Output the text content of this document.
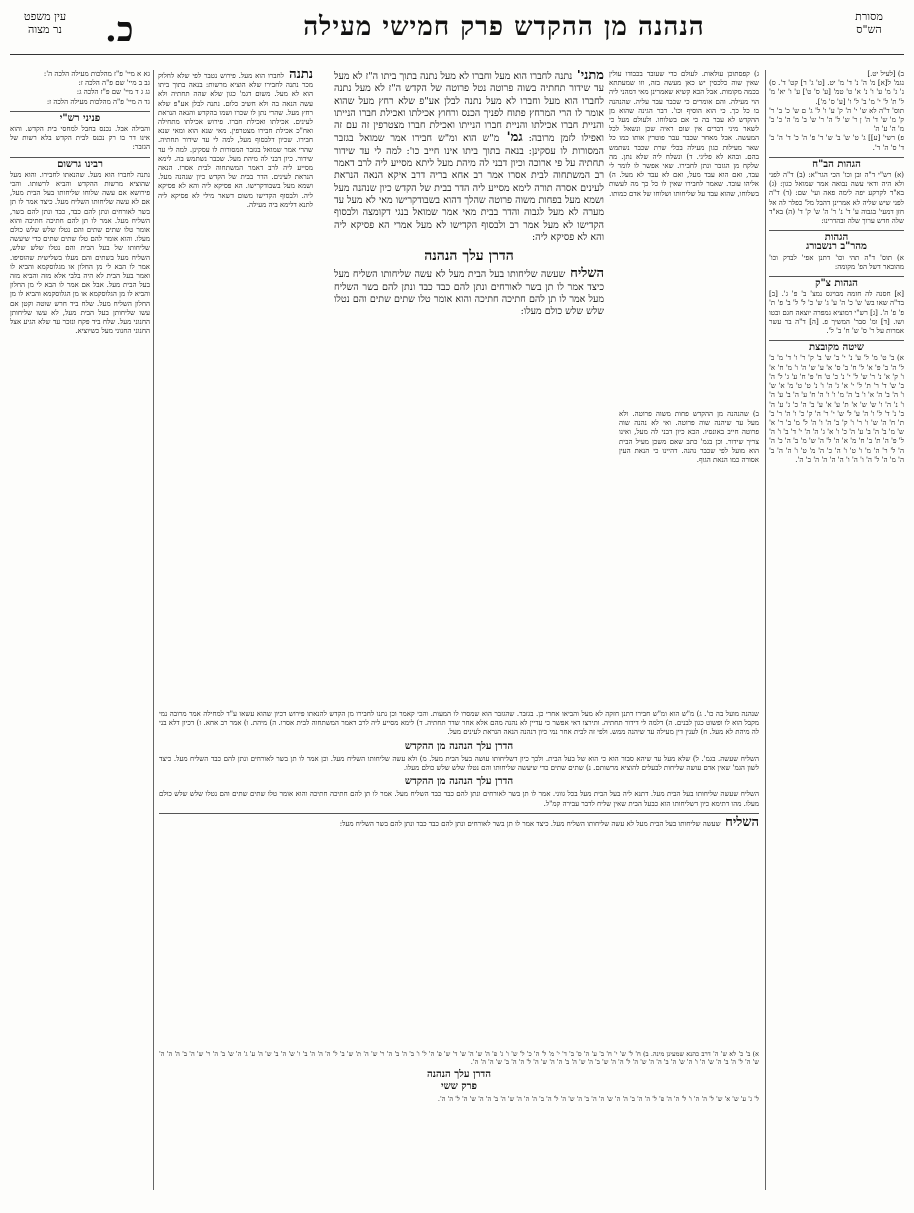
מסורת
הש"ס
הנהנה מן ההקדש פרק חמישי מעילה
כ.
עין משפט
נר מצוה
ב) [לעיל יט.]
נגמ' ל[א] מ' ה' נ' ד' מ' יט. [ט' ג' ר] קט' ד'. ס) נ' ג' מ' ע' ו' נ' א' ט' טמ' [ע' ס' ט'] ע' ו' יא' מ' ל' ת' ל' י' מ' ב' ל' ו' [ע' ס' מ'].
תוס' ד"ה לא ש' י' ה' ק' ע' ו' ל' ג' ם ש' כ' ב' ר' ק' מ' ש' ד' ה' ן ר' ש' ל' ה' ר' ש' ב' מ' ה' כ' ב' מ' ה' ע' ה'
פ) רשי' [ע]] ג' ט' ש' ב' ש' ד' פ' ה' כ' ד' ה' ב' ד' ס' ה' ד'.
הגהות הב"ח
(א) רש"י ד"ה ובן וכו' הכי הגר"א: (ב) ד"ה לפני ולא היה ודאי עשה נבואה אמר שמואל כגון: (ג) בא"ד לקרקע יפה לימה פאה ועי' שם: (ד) ד"ה לפני שיש שליה לא אמרינן דהבל מל' כפלר לה אל חזן דמעי' בגבוה ע' ד' נ' ר' ה' ש' ק' ד' (ה) בא"ד שלה חדש ערוך שלה ובהדרינו:
הגהות
מהר"ב רנשבורג
א) תוס' ד"ה תהי וכו' דתנן אפי' לבדק וכו' מהובאר דשל הפ' מקומה:
הגהות צ"ק
[א] חסנה לה חזמה מבויגס נמצ' ב' פ' ג'. [ב] בד"ה שאו בש' ש' כ' ה' ע' ג' ש' כ' ל' ל' ב' פ' ת' פ' פ' ה'. [ג] רש"י דמוציא גמפרה יוצאה חגם ובטו ושו. [ד] ומ' סבר' המשיך פ. [ה] ד"ה בר עשר אמרות על ר' ס' ש' ח' ב' ל'.
שיטה מקובצת
א) ב' ט' מ' ל' ע' נ' י' ב' ש' ב' ק' ר' ו' ד' מ' ב' ל' ה' ב' פ' א' ל' ח' ב' ס' א' ע' ש' ה' ו' מ' ח' א' ו' ק' א' נ' ר' ש' ל' י' נ' כ' ט' ח' פ' ח' ע' ג' ל' ה' ב' ש' ד' ר' ת' ל' י' א' ג' ה' ו' נ' ט' ט' מ' א' ש' ו' ה' ב' ה' א' ו' ב' ה' מ' ו' ו' ה' ח' ע' ה' ב' ע' ה' ו' נ' ה' ו' ש' ש' א' ת' ע' א' ע' ב' ה' כ' ג' ע' ה' ב' נ' ד' ל' ו' ה' ע' ל' ש' י' ר' ה' ק' כ' ו' ה' ר' ב' ת' ח' ה' ש' ו' ר' ו' ק' ב' ה' ו' ה' ל' מ' ב' ר' א' ש' מ' ב' ה' ב' ע' ה' כ' ו' א' ג' ה' ה' י' ד' ב' ו' ה' ל' פ' ה' ת' ב' ח' מ' א' ה' ל' ה' ש' מ' ב' ה' כ' ה' ה' ל' ר' ה' מ' ו' ט' ו' ה' כ' ה' מ' ט' ו' ה' ה' ב' ה' מ' ה' ל' ה' ו' ה' ו' ה' ה' ה' ה' ב' ה'.
גא א מיי' פ"ז מהלכות מעילה הלכה ה':
גב ב מיי' שם פ"ה הלכה ז:
גג ג ד מיי' שם פ"ז הלכה ג:
גד ה מיי' פ"ה מהלכות מעילה הלכה ז:
פניני רש"י
והבילה אבל. נכנס בחבל למחסי בית הקדש. והוא אינו דר בו רק נכנס לבית הקדש בלא רשות של הגזבר:
רבינו גרשום
נתנה לחברו הוא מעל. שהנאתו לחבירו. והוא מעל שהוציא מרשות ההקדש והביא לרשותו. והכי פירושא אם עשה שלוחו שליחותו בעל הבית מעל, אם לא עשה שליחותו השליח מעל. כיצד אמר לו תן בשר לאורחים ונתן להם כבד, כבד ונתן להם בשר, השליח מעל. אמר לו תן להם חתיכה חתיכה והוא אומר טלו שתים שתים והם נטלו שלש שלש כולם מעלו. והוא אומר להם טלו שתים שתים כדי שיעשה שליחותו של בעל הבית והם נטלו שלש שלש, השליח מעל בשתים והם מעלו בשלישית שהוסיפו. אמר לו הבא לי מן החלון או מגלוסקמא והביא לו ואמר בעל הבית לא היה בלבי אלא מזה והביא מזה בעל הבית מעל. אבל אם אמר לו הבא לי מן החלון והביא לו מן הגלוסקמא או מן הגלוסקמא והביא לו מן החלון השליח מעל. שלח ביד חרש שוטה וקטן אם עשו שליחותן בעל הבית מעל, לא עשו שליחותן החנוני מעל. שלח ביד פקח ונזכר עד שלא הגיע אצל החנוני החנוני מעל כשיוציא.
ג) קפסתוכן עולאות. לעולם כדי שעובד בכבודו עולין שאין שוה כלכסין יש כאן מעשה בזה, וזו שמעתתא בכמה מקומות. אבל הכא קשיא שאמרינן מאי דמהני ליה הוי מעילה. והם אומרים כי שכבר עבר עליה. שהנהנה בו כל כך. כי הוא הוסיף וכו'. דבר הגינה שהוא מן ההקדש לא עבר בה כי אם בשלוחו. ולעולם מעל כי לשאר מיני דברים אין שום ראיה שכן ונשאל לכל המעשה. אבל מאחר שכבר עבר פוטרין אותו כמו כל שאר מעילות כגון מעילה בכלי שרת שכבר נשתמש בהם. ובהא לא פליגי. ד) ונשלח ליה שלא נתן. מה שלקח מן הגזבר ונתן לחבירו. שאי אפשר לו לומר לי עבד, ואם הוא עבד מעל, ואם לא עבד לא מעל. ה) אליהו עובד. שאמר לחבירו שאין לו כל כך מה לעשות בשלוחו, שהוא עבד על שליחותו ושלוחו של אדם כמותו.
מתני' נתנה לחברו הוא מעל וחברו לא מעל נתנה בתוך ביתו ה"ז לא מעל עד שידור תחתיה בשוה פרוטה נטל פרוטה של הקדש ה"ז לא מעל נתנה לחברו הוא מעל וחברו לא מעל נתנה לבלן אע"פ שלא רחץ מעל שהוא אומר לו הרי המרחץ פתוח לפניך הכנס ורחוץ אכילתו ואכילת חברו הנייתו והניית חברו אכילתו והניית חברו הנייתו ואכילת חברו מצטרפין זה עם זה ואפילו לזמן מרובה: גמ' מ"ש הוא ומ"ש חבירו אמר שמואל בגזבר המסורות לו עסקינן: בנאה בתוך ביתו אינו חייב כו': למה לי עד שידור תחתיה על פי ארוכה וכיון דבני לה מיהת מעל ליתא מסייע ליה לרב דאמר רב המשתחוה לבית אסרו אמר רב אחא בריה דרב איקא הנאה הנראת לעינים אסרה תורה לימא מסייע ליה הדר בבית של הקדש כיון שנהנה מעל ושמא מעל בפחות משוה פרוטה שהלך דהוא בשבודקרישו מאי לא מעל עד מערה לא מעל לגבוה והדר בבית מאי אמר שמואל בנגי דקומצה ולבסוף הקדישו לא מעל אמר רב ולבסוף הקדישו לא מעל אמרי הא פסיקא ליה והא לא פסיקא ליה:
הדרן עלך הנהנה
השליח שעשה שליחותו בעל הבית מעל לא עשה שליחותו השליח מעל כיצד אמר לו תן בשר לאורחים ונתן להם כבד כבד ונתן להם בשר השליח מעל אמר לו תן להם חתיכה חתיכה והוא אומר טלו שתים שתים והם נטלו שלש שלש כולם מעלו:
נתנה לחברו הוא מעל. פירוש נטבר לפי שלא לחלוק מכר נתנה לחבירו שלא הוציא מרשות: בנאה בתוך ביתו הוא לא מעל. משום דגמ' כגון שלא שהה תחתיה ולא עשה הנאה בה ולא חשיב כלום. נתנה לבלן אע"פ שלא רחץ מעל. שהרי נתן לו שכרו ושמו בהקדש והנאה הנראת לעינים. אכילתו ואכילת חברו. פירוש אכילתו מתחילה ואח"כ אכילת חבירו מצטרפין. מאי שנא הוא ומאי שנא חבירו. שכיון דלבסוף מעל, למה לי עד שידור תחתיה. שהרי אמר שמואל בגזבר המסורות לו עסקינן. למה לי עד שידור. כיון דבני לה מיהת מעל. שכבר נשתמש בה. לימא מסייע ליה לרב דאמר המשתחוה לבית אסרו. הנאה הנראת לעינים. הדר בבית של הקדש כיון שנהנה מעל. ושמא מעל בשבודקרישו. הא פסיקא ליה והא לא פסיקא ליה. ולבסוף הקדישו משום דשאר מילי לא פסיקא ליה לתנא דלימא ביה מעילה.
ב) שהנהנה מן ההקדש פחות משוה פרוטה. ולא מעל עד שיהנה שוה פרוטה. ואי לא נהנה שוה פרוטה חייב באונסיו. הכא כיון דבני לה מעל, ואינו צריך שידור. וכן בגמ' כתב שאם משכן מעיל הבית הוא מועל לפי שכבר נהנה. דהיינו כי הנאת העין אסורה כמו הנאת הגוף.
שנהנה מועל בה כו'. ג) מ"ש הוא ומ"ש חבירו דתנן חזקה לא מעל והביאו אחרי כן. בגזבר. שהגזבר הוא שמסרו לו המעות. והכי קאמר וכן נתנו לחבירו מן הקדש להנאתו פירוש דכיון שהוא עשאו ע"ד למחילה אמר מרובה נמי מקבל הוא לו ופשוט כגון לבנים. ה) דלמה לי דידור תחתיה. ותירצו דאי אפשר כי עדיין לא נהנה מהם אלא אחר שדר תחתיה. ד) לימא מסייע ליה לרב דאמר המשתחוה לבית אסרו. ה) מיהת. ו) אמר רב אחא. ז) דכיון דלא בני לה מיהת לא מעל. ח) לענין דין מעילה עד שיהנה ממש. ולפי זה לבית אחר נמי כיון דנהנה הנאה הנראת לעינים מעל.
הדרן עלך הנהנה מן ההקדש
השליח שעשה. בגמ'. ל) שלא מעל עד שיהא סבור הוא כי הוא של בעל הבית. ולכך כיון דשליחותו עושה בעל הבית מעל. מ) ולא עשה שליחותו השליח מעל. וכן אמר לו תן בשר לאורחים ונתן להם כבד השליח מעל. כיצד לשון הגמ' שאין אדם עושה שליחות לבעלים להוציא מרשותם. נ) שתים שתים כדי שיעשה שליחותו והם נטלו שלש שלש כולם מעלו.
הדרן עלך הנהנה מן ההקדש
השליח שעשה שליחותו בעל הבית מעל. דתנא ליה בעל הבית מעל בכל גווני. אמר לו תן בשר לאורחים ונתן להם כבד כבד השליח מעל. אמר לו תן להם חתיכה חתיכה והוא אומר טלו שתים שתים והם נטלו שלש שלש כולם מעלו. מהו דתימא כיון דשליחותו הוא כבעל הבית שאין שליח לדבר עבירה קמ"ל.
השליח שעשה שליחותו בעל הבית מעל לא עשה שליחותו השליח מעל. כיצד אמר לו תן בשר לאורחים ונתן להם כבד כבד ונתן להם בשר השליח מעל:
א) ב' כ' לא ש' ה' דרב כהנא שמעינן מינה. ב) ח' ל' ש' י' ח' ב' ע' ה' ס' ב' ד' י' מ' ל' ה' כ' ל' ש' ו' ג' פ' ה' ש' ה' ש' ד' ש' פ' ה' ל' ו' ב' ה' ב' ה' ר' ש' ה' ת' ש' ב' ל' ה' ה' ה' ב' ו' ש' ה' ב' ש' ה' ע' ג' ה' ש' ב' ה' ר' ש' ה' ב' ה' ה' ה' ש' ה' ל' ה' ב' ה' ש' ה' ו' ה' ש' ה' ב' ה' ה' ש' ה' ל' ה' ה' ש' ב' ה' ש' ה' ב' ה' ה' ש' ה' ל' ה' ה' ב' ש' ה' ה' ה'.
הדרן עלך הנהנה
פרק ששי
ל' ג' ע' ש' א' ש' ל' ה' ה' ו' ל' ה' ה' פ' ל' ה' ה' ב' ה' ה' ש' ה' ה' ב' ה' ש' ה' ל' ה' ב' ה' ה' ה' ש' ה' ב' ה' ה' ש' ה' ל' ה' ה'.
